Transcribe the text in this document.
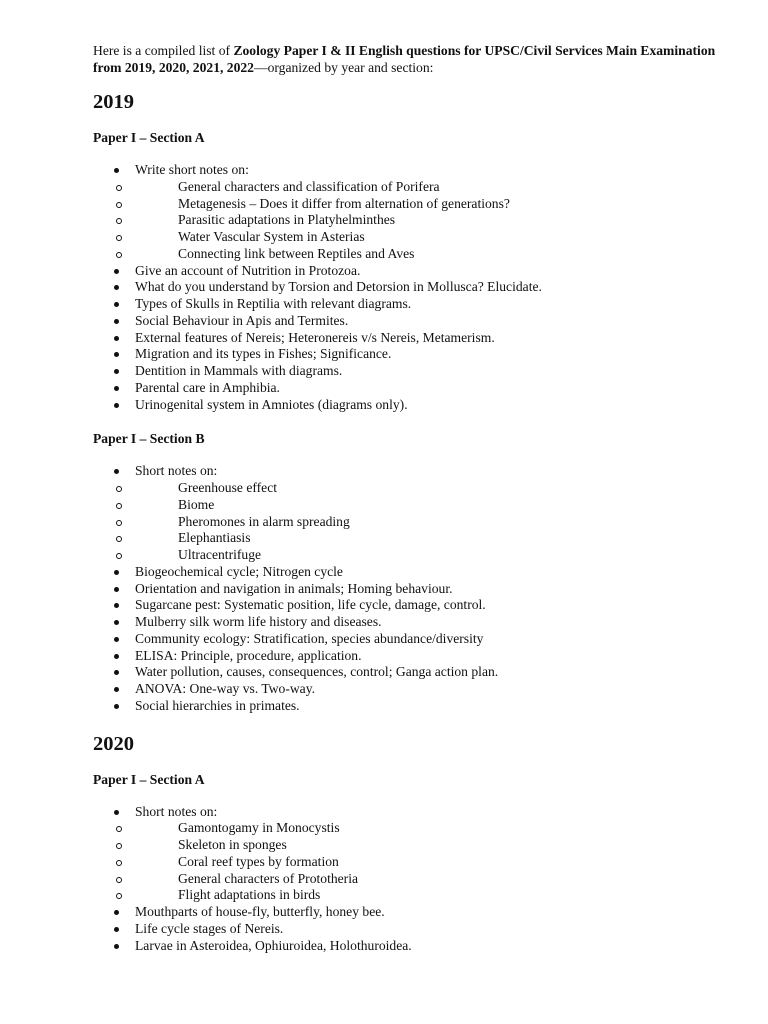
Here is a compiled list of Zoology Paper I & II English questions for UPSC/Civil Services Main Examination from 2019, 2020, 2021, 2022—organized by year and section:

2019
Paper I – Section A
Write short notes on:
General characters and classification of Porifera
Metagenesis – Does it differ from alternation of generations?
Parasitic adaptations in Platyhelminthes
Water Vascular System in Asterias
Connecting link between Reptiles and Aves
Give an account of Nutrition in Protozoa.
What do you understand by Torsion and Detorsion in Mollusca? Elucidate.
Types of Skulls in Reptilia with relevant diagrams.
Social Behaviour in Apis and Termites.
External features of Nereis; Heteronereis v/s Nereis, Metamerism.
Migration and its types in Fishes; Significance.
Dentition in Mammals with diagrams.
Parental care in Amphibia.
Urinogenital system in Amniotes (diagrams only).
Paper I – Section B
Short notes on:
Greenhouse effect
Biome
Pheromones in alarm spreading
Elephantiasis
Ultracentrifuge
Biogeochemical cycle; Nitrogen cycle
Orientation and navigation in animals; Homing behaviour.
Sugarcane pest: Systematic position, life cycle, damage, control.
Mulberry silk worm life history and diseases.
Community ecology: Stratification, species abundance/diversity
ELISA: Principle, procedure, application.
Water pollution, causes, consequences, control; Ganga action plan.
ANOVA: One-way vs. Two-way.
Social hierarchies in primates.
2020
Paper I – Section A
Short notes on:
Gamontogamy in Monocystis
Skeleton in sponges
Coral reef types by formation
General characters of Prototheria
Flight adaptations in birds
Mouthparts of house-fly, butterfly, honey bee.
Life cycle stages of Nereis.
Larvae in Asteroidea, Ophiuroidea, Holothuroidea.
